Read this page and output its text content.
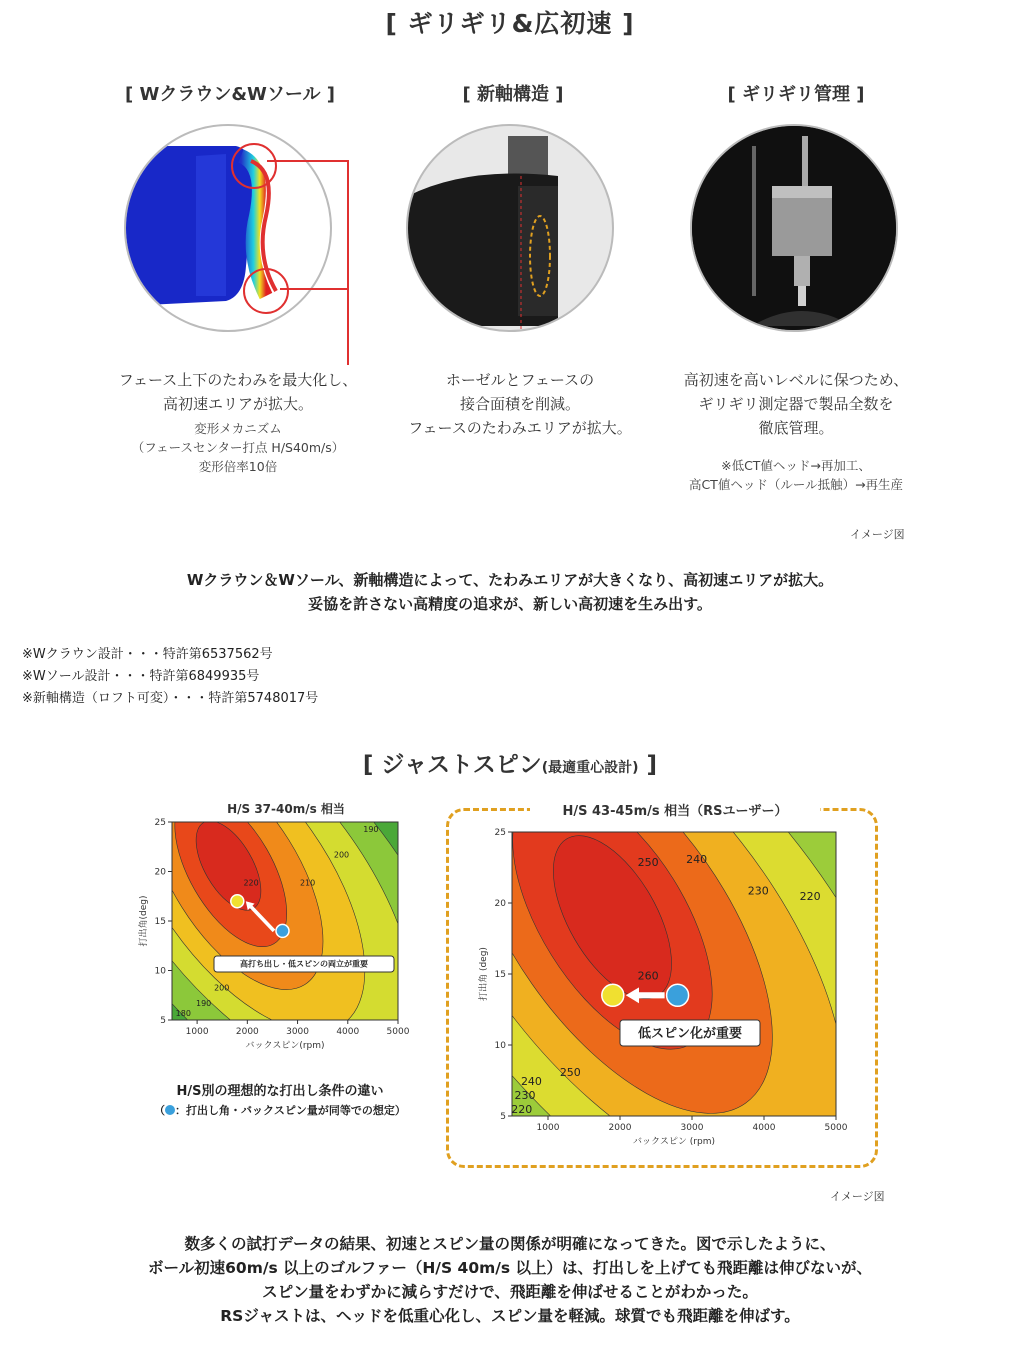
[ ギリギリ&広初速 ]
[ Wクラウン&Wソール ]	[ 新軸構造 ]	[ ギリギリ管理 ]
フェース上下のたわみを最大化し、
高初速エリアが拡大。
変形メカニズム
（フェースセンター打点 H/S40m/s）
変形倍率10倍
ホーゼルとフェースの
接合面積を削減。
フェースのたわみエリアが拡大。
高初速を高いレベルに保つため、
ギリギリ測定器で製品全数を
徹底管理。
※低CT値ヘッド→再加工、
高CT値ヘッド（ルール抵触）→再生産
イメージ図
Wクラウン＆Wソール、新軸構造によって、たわみエリアが大きくなり、高初速エリアが拡大。
妥協を許さない高精度の追求が、新しい高初速を生み出す。
※Wクラウン設計・・・特許第6537562号
※Wソール設計・・・特許第6849935号
※新軸構造（ロフト可変）・・・特許第5748017号
[ ジャストスピン(最適重心設計) ]
H/S 37-40m/s 相当
1000	2000	3000	4000	5000
5
10
15
20
25
バックスピン(rpm)
打出角(deg)
220	210
200
190
200
190
180
高打ち出し・低スピンの両立が重要
H/S別の理想的な打出し条件の違い
（ ：打出し角・バックスピン量が同等での想定）
H/S 43-45m/s 相当（RSユーザー）
1000	2000	3000	4000	5000
5
10
15
20
25
バックスピン (rpm)
打出角 (deg)
250	240
230	220
260
250
240
230
220
低スピン化が重要
イメージ図
数多くの試打データの結果、初速とスピン量の関係が明確になってきた。図で示したように、
ボール初速60m/s 以上のゴルファー（H/S 40m/s 以上）は、打出しを上げても飛距離は伸びないが、
スピン量をわずかに減らすだけで、飛距離を伸ばせることがわかった。
RSジャストは、ヘッドを低重心化し、スピン量を軽減。球質でも飛距離を伸ばす。
